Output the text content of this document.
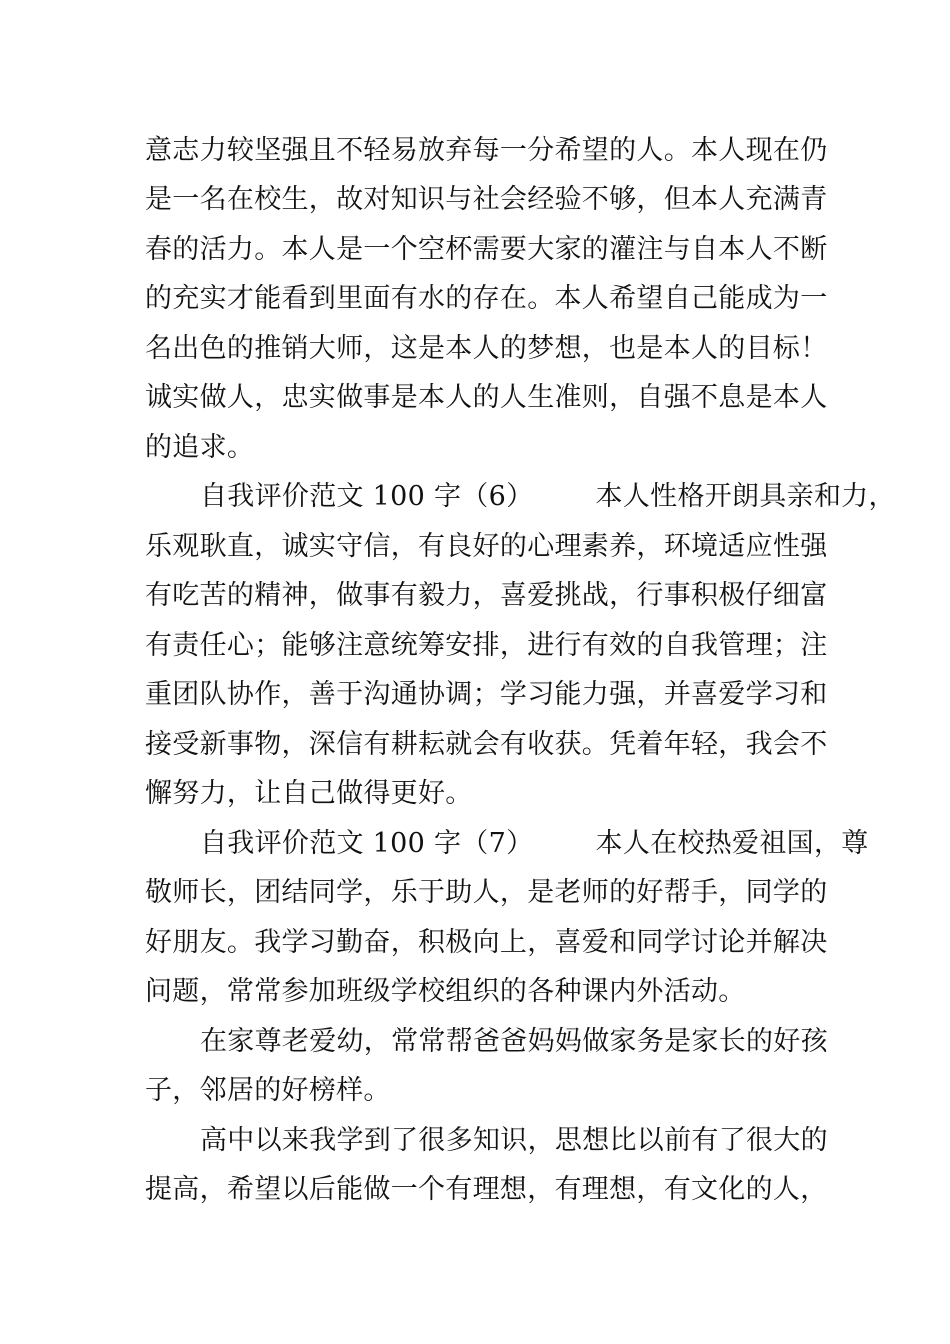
意志力较坚强且不轻易放弃每一分希望的人。本人现在仍
是一名在校生，故对知识与社会经验不够，但本人充满青
春的活力。本人是一个空杯需要大家的灌注与自本人不断
的充实才能看到里面有水的存在。本人希望自己能成为一
名出色的推销大师，这是本人的梦想，也是本人的目标！
诚实做人，忠实做事是本人的人生准则，自强不息是本人
的追求。
自我评价范文 100 字（6）       本人性格开朗具亲和力，
乐观耿直，诚实守信，有良好的心理素养，环境适应性强
有吃苦的精神，做事有毅力，喜爱挑战，行事积极仔细富
有责任心；能够注意统筹安排，进行有效的自我管理；注
重团队协作，善于沟通协调；学习能力强，并喜爱学习和
接受新事物，深信有耕耘就会有收获。凭着年轻，我会不
懈努力，让自己做得更好。
自我评价范文 100 字（7）       本人在校热爱祖国，尊
敬师长，团结同学，乐于助人，是老师的好帮手，同学的
好朋友。我学习勤奋，积极向上，喜爱和同学讨论并解决
问题，常常参加班级学校组织的各种课内外活动。
在家尊老爱幼，常常帮爸爸妈妈做家务是家长的好孩
子，邻居的好榜样。
高中以来我学到了很多知识，思想比以前有了很大的
提高，希望以后能做一个有理想，有理想，有文化的人，
